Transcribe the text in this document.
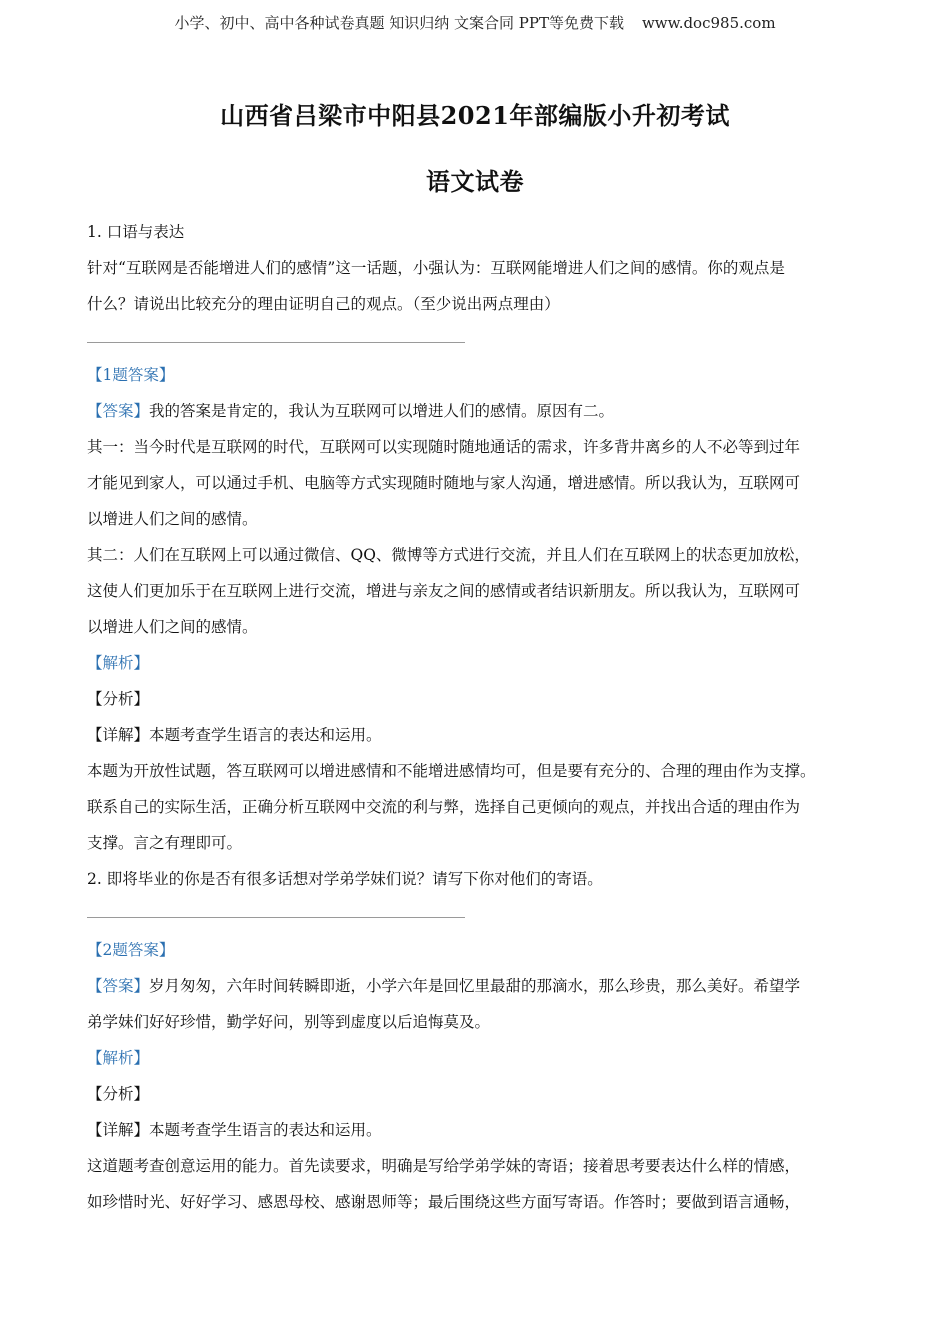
小学、初中、高中各种试卷真题 知识归纳 文案合同 PPT等免费下载 www.doc985.com
山西省吕梁市中阳县2021年部编版小升初考试
语文试卷

1. 口语与表达

针对“互联网是否能增进人们的感情”这一话题，小强认为：互联网能增进人们之间的感情。你的观点是

什么？请说出比较充分的理由证明自己的观点。（至少说出两点理由）

【1题答案】

【答案】我的答案是肯定的，我认为互联网可以增进人们的感情。原因有二。

其一：当今时代是互联网的时代，互联网可以实现随时随地通话的需求，许多背井离乡的人不必等到过年

才能见到家人，可以通过手机、电脑等方式实现随时随地与家人沟通，增进感情。所以我认为，互联网可

以增进人们之间的感情。

其二：人们在互联网上可以通过微信、QQ、微博等方式进行交流，并且人们在互联网上的状态更加放松，

这使人们更加乐于在互联网上进行交流，增进与亲友之间的感情或者结识新朋友。所以我认为，互联网可

以增进人们之间的感情。

【解析】

【分析】

【详解】本题考查学生语言的表达和运用。

本题为开放性试题，答互联网可以增进感情和不能增进感情均可，但是要有充分的、合理的理由作为支撑。

联系自己的实际生活，正确分析互联网中交流的利与弊，选择自己更倾向的观点，并找出合适的理由作为

支撑。言之有理即可。

2. 即将毕业的你是否有很多话想对学弟学妹们说？请写下你对他们的寄语。

【2题答案】

【答案】岁月匆匆，六年时间转瞬即逝，小学六年是回忆里最甜的那滴水，那么珍贵，那么美好。希望学

弟学妹们好好珍惜，勤学好问，别等到虚度以后追悔莫及。

【解析】

【分析】

【详解】本题考查学生语言的表达和运用。

这道题考查创意运用的能力。首先读要求，明确是写给学弟学妹的寄语；接着思考要表达什么样的情感，

如珍惜时光、好好学习、感恩母校、感谢恩师等；最后围绕这些方面写寄语。作答时；要做到语言通畅，
